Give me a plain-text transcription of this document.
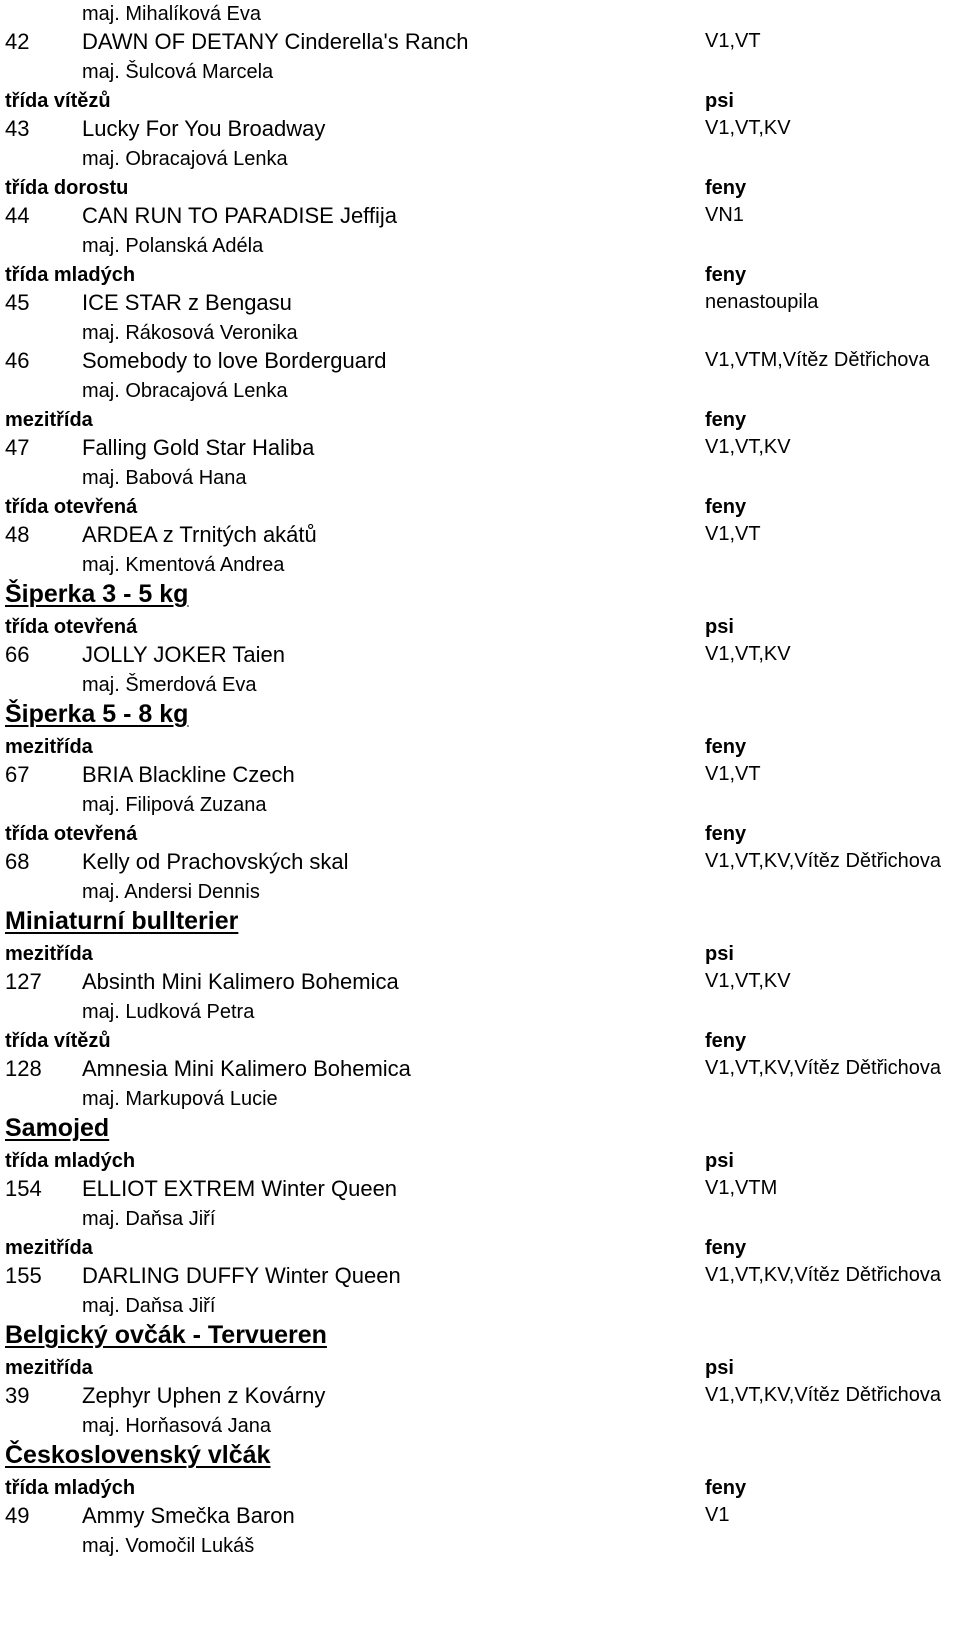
maj. Mihalíková Eva
42 DAWN OF DETANY Cinderella's Ranch	V1,VT
maj. Šulcová Marcela
třída vítězů	psi
43 Lucky For You Broadway	V1,VT,KV
maj. Obracajová Lenka
třída dorostu	feny
44 CAN RUN TO PARADISE Jeffija	VN1
maj. Polanská Adéla
třída mladých	feny
45 ICE STAR z Bengasu	nenastoupila
maj. Rákosová Veronika
46 Somebody to love Borderguard	V1,VTM,Vítěz Dětřichova
maj. Obracajová Lenka
mezitřída	feny
47 Falling Gold Star Haliba	V1,VT,KV
maj. Babová Hana
třída otevřená	feny
48 ARDEA z Trnitých akátů	V1,VT
maj. Kmentová Andrea
Šiperka 3 - 5 kg
třída otevřená	psi
66 JOLLY JOKER Taien	V1,VT,KV
maj. Šmerdová Eva
Šiperka 5 - 8 kg
mezitřída	feny
67 BRIA Blackline Czech	V1,VT
maj. Filipová Zuzana
třída otevřená	feny
68 Kelly od Prachovských skal	V1,VT,KV,Vítěz Dětřichova
maj. Andersi Dennis
Miniaturní bullterier
mezitřída	psi
127 Absinth Mini Kalimero Bohemica	V1,VT,KV
maj. Ludková Petra
třída vítězů	feny
128 Amnesia Mini Kalimero Bohemica	V1,VT,KV,Vítěz Dětřichova
maj. Markupová Lucie
Samojed
třída mladých	psi
154 ELLIOT EXTREM Winter Queen	V1,VTM
maj. Daňsa Jiří
mezitřída	feny
155 DARLING DUFFY Winter Queen	V1,VT,KV,Vítěz Dětřichova
maj. Daňsa Jiří
Belgický ovčák - Tervueren
mezitřída	psi
39 Zephyr Uphen z Kovárny	V1,VT,KV,Vítěz Dětřichova
maj. Horňasová Jana
Československý vlčák
třída mladých	feny
49 Ammy Smečka Baron	V1
maj. Vomočil Lukáš
